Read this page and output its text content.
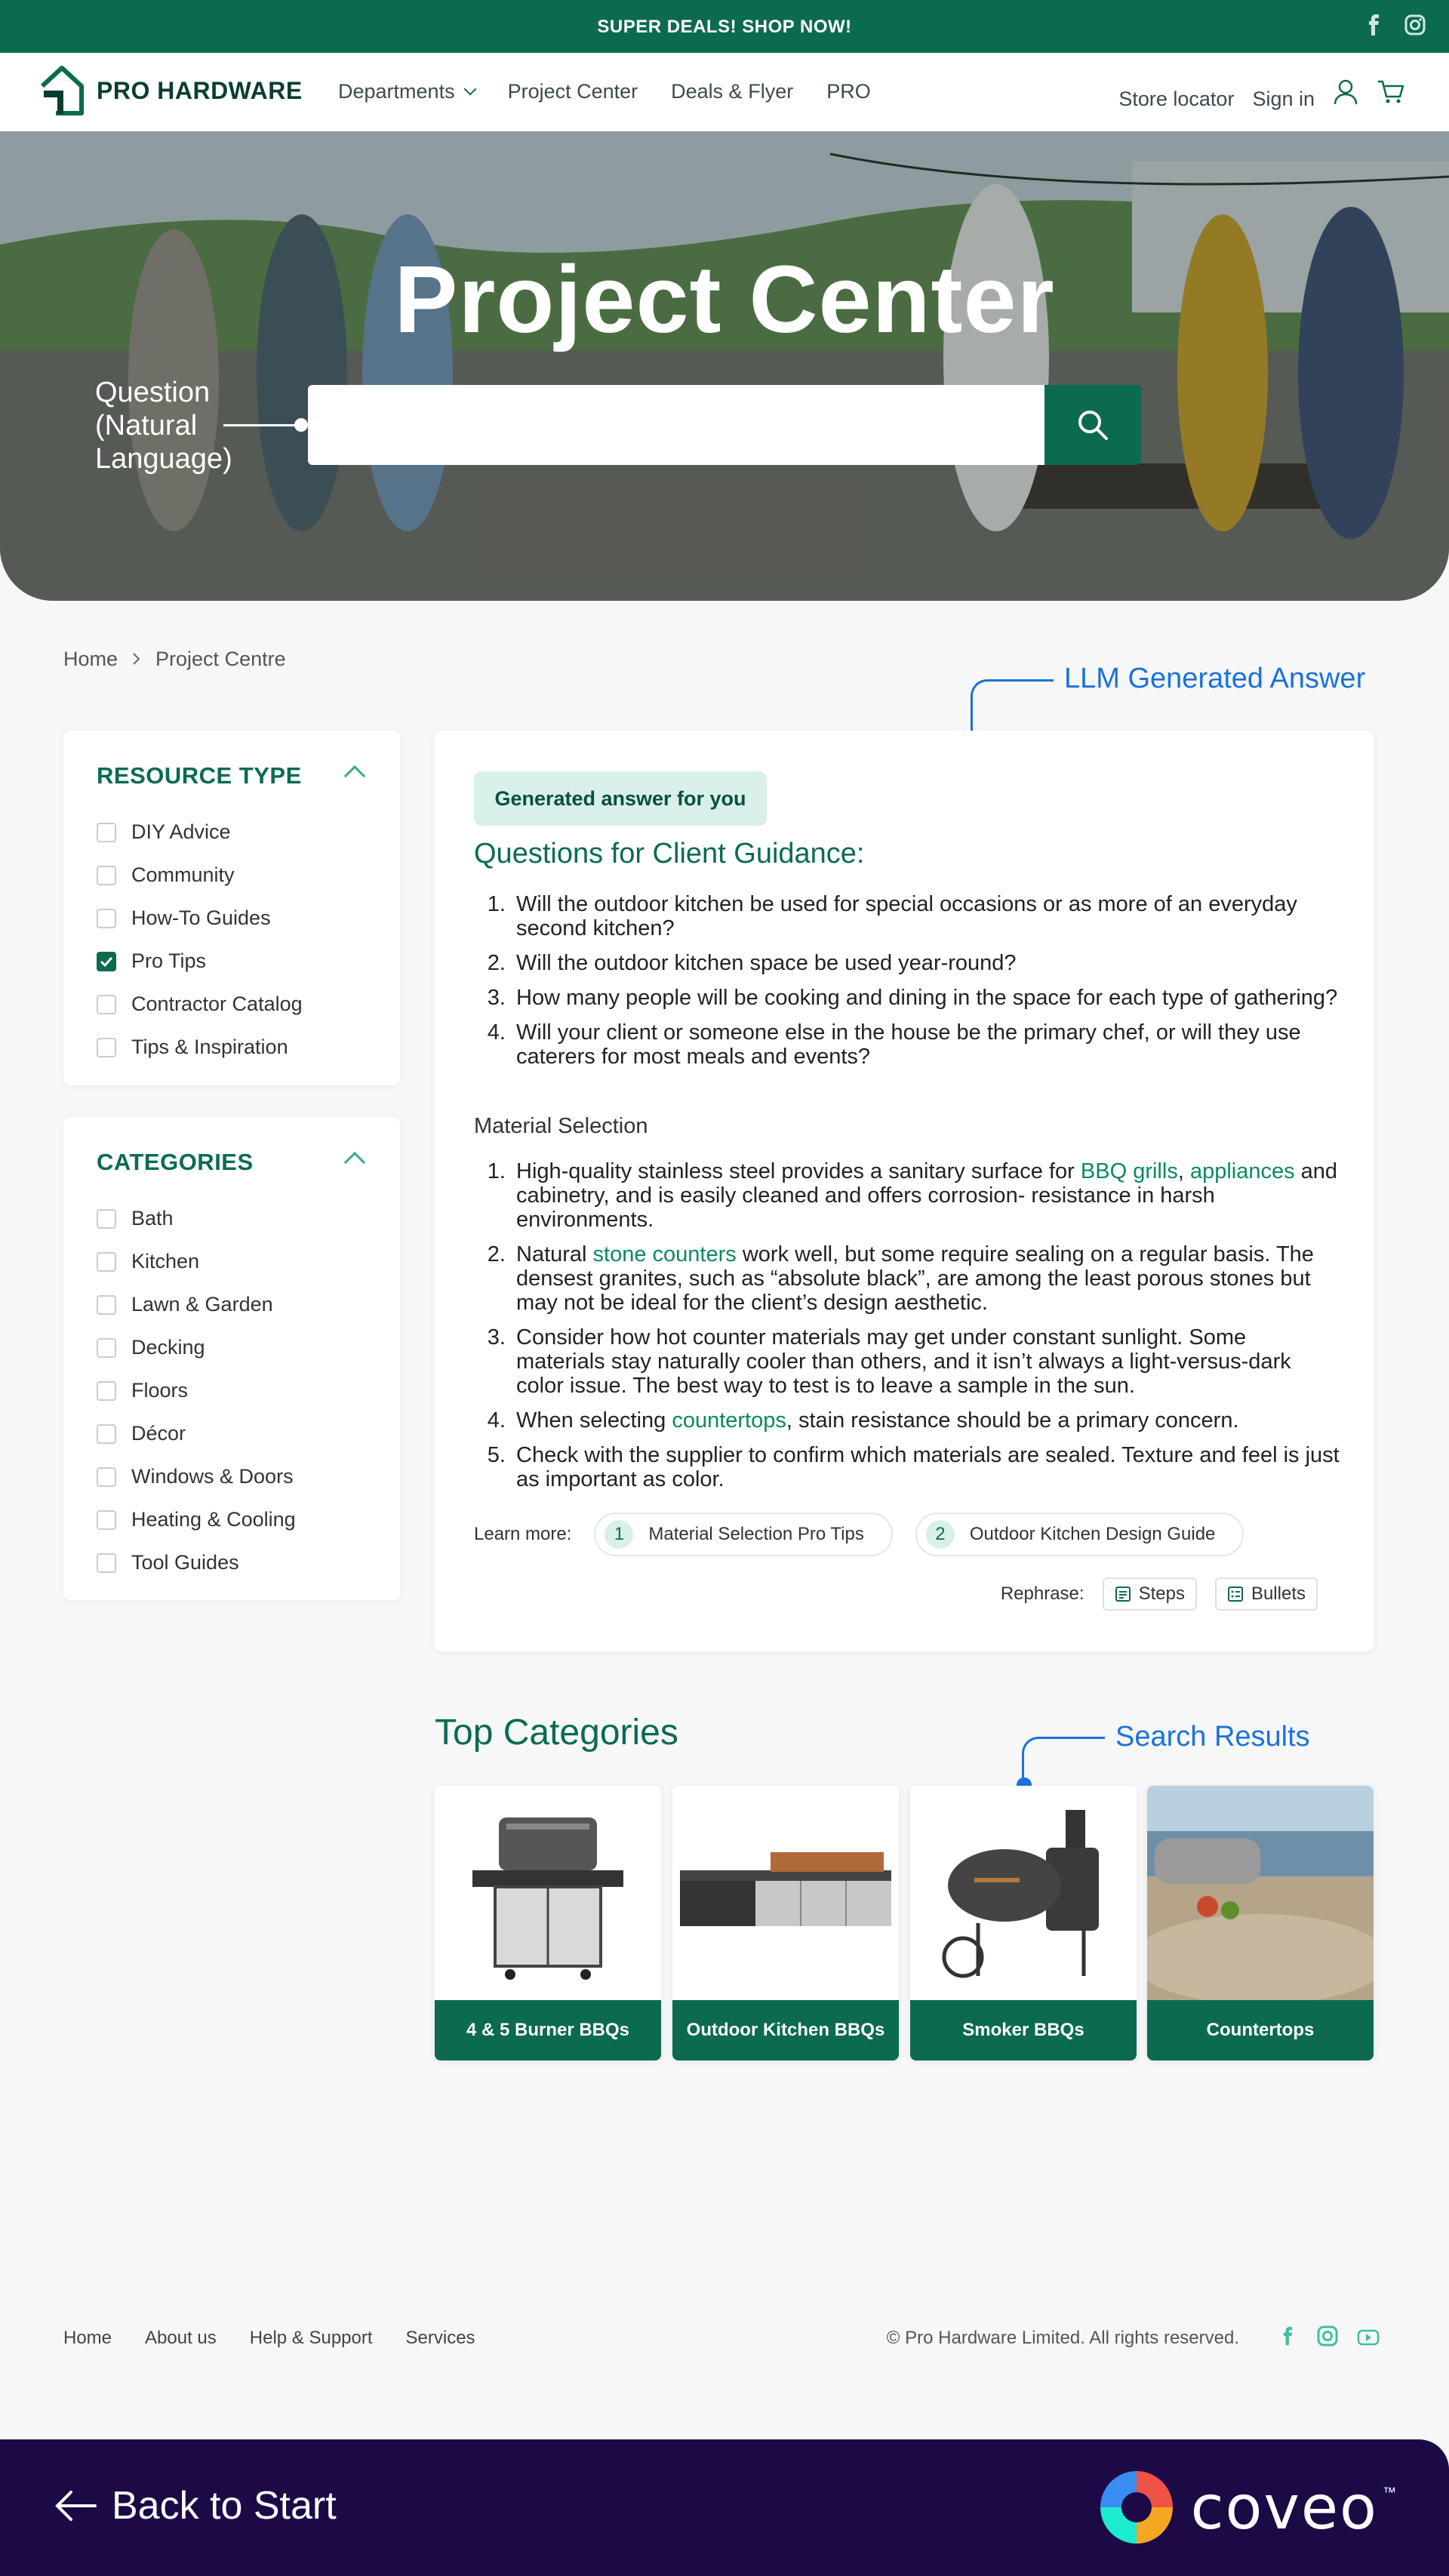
SUPER DEALS! SHOP NOW!
PRO HARDWARE Departments	Project Center Deals & Flyer PRO	Store locator Sign in
Project Center
Question (Natural Language)
Home Project Centre
LLM Generated Answer
RESOURCE TYPE
DIY Advice
Community
How-To Guides
Pro Tips
Contractor Catalog
Tips & Inspiration
CATEGORIES
Bath
Kitchen
Lawn & Garden
Decking
Floors
Décor
Windows & Doors
Heating & Cooling
Tool Guides
Generated answer for you
Questions for Client Guidance:
1. Will the outdoor kitchen be used for special occasions or as more of an everyday second kitchen?
2. Will the outdoor kitchen space be used year-round?
3. How many people will be cooking and dining in the space for each type of gathering?
4. Will your client or someone else in the house be the primary chef, or will they use caterers for most meals and events?
Material Selection
1. High-quality stainless steel provides a sanitary surface for BBQ grills, appliances and cabinetry, and is easily cleaned and offers corrosion- resistance in harsh environments.
2. Natural stone counters work well, but some require sealing on a regular basis. The densest granites, such as “absolute black”, are among the least porous stones but may not be ideal for the client’s design aesthetic.
3. Consider how hot counter materials may get under constant sunlight. Some materials stay naturally cooler than others, and it isn’t always a light-versus-dark color issue. The best way to test is to leave a sample in the sun.
4. When selecting countertops, stain resistance should be a primary concern.
5. Check with the supplier to confirm which materials are sealed. Texture and feel is just as important as color.
Learn more:	1	Material Selection Pro Tips	2	Outdoor Kitchen Design Guide
Rephrase:	Steps	Bullets
Top Categories	Search Results
4 & 5 Burner BBQs	Outdoor Kitchen BBQs	Smoker BBQs	Countertops
Home About us Help & Support Services	© Pro Hardware Limited. All rights reserved.
Back to Start	coveo ™
